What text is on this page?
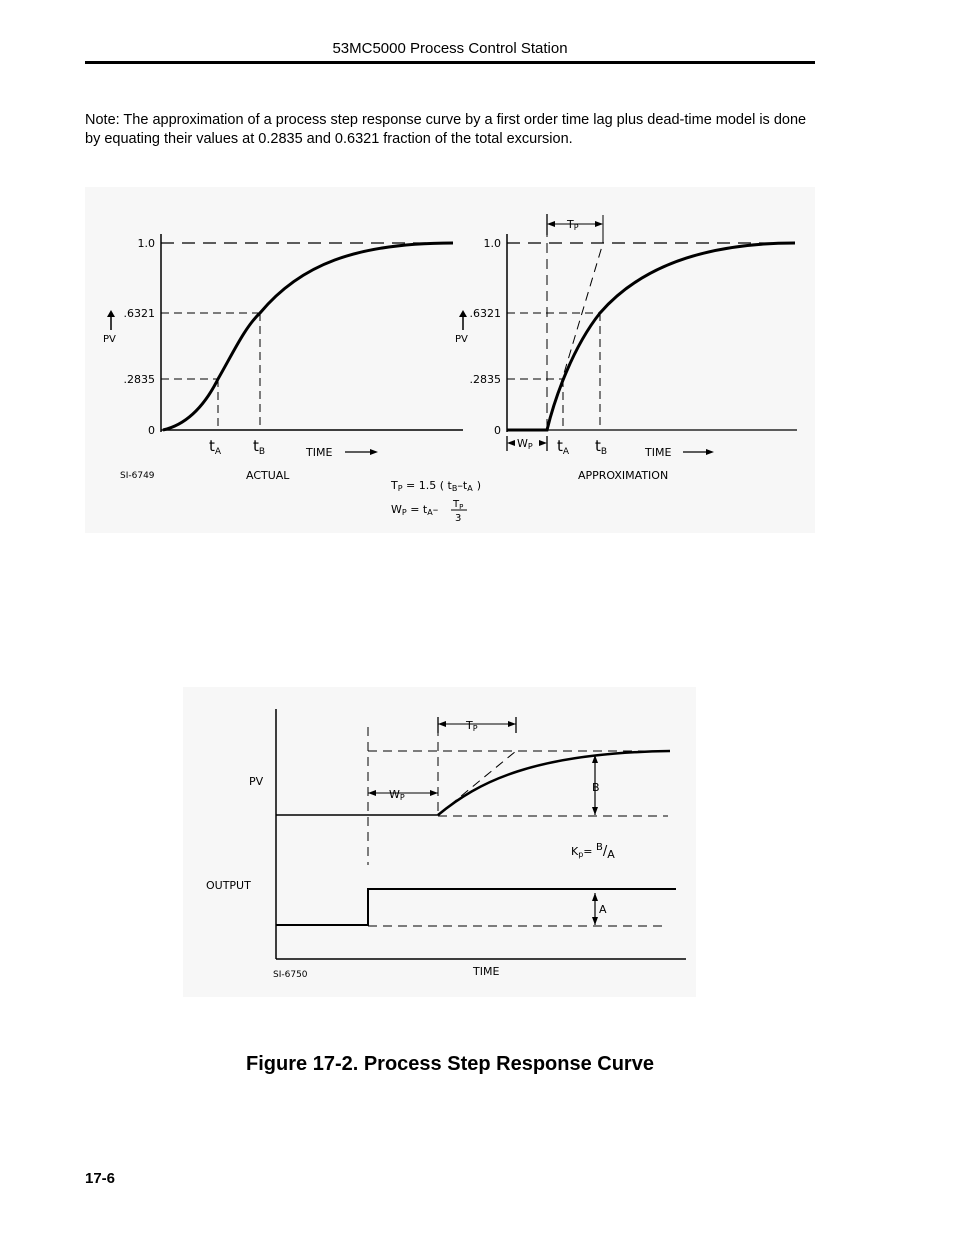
53MC5000 Process Control Station
Note: The approximation of a process step response curve by a first order time lag plus dead-time model is done by equating their values at 0.2835 and 0.6321 fraction of the total excursion.
1.0
.6321
.2835
0
PV
$t_A$ $t_B$	TIME
SI-6749	ACTUAL
TP
1.0
.6321
.2835
0
PV
WP $t_A$ $t_B$	TIME
APPROXIMATION
TP = 1.5 ( tB–tA )
WP = tA– $T_P$
3
TP
WP
B
Kp= B/A
PV
OUTPUT
A
SI-6750	TIME
Figure 17-2. Process Step Response Curve
17-6
